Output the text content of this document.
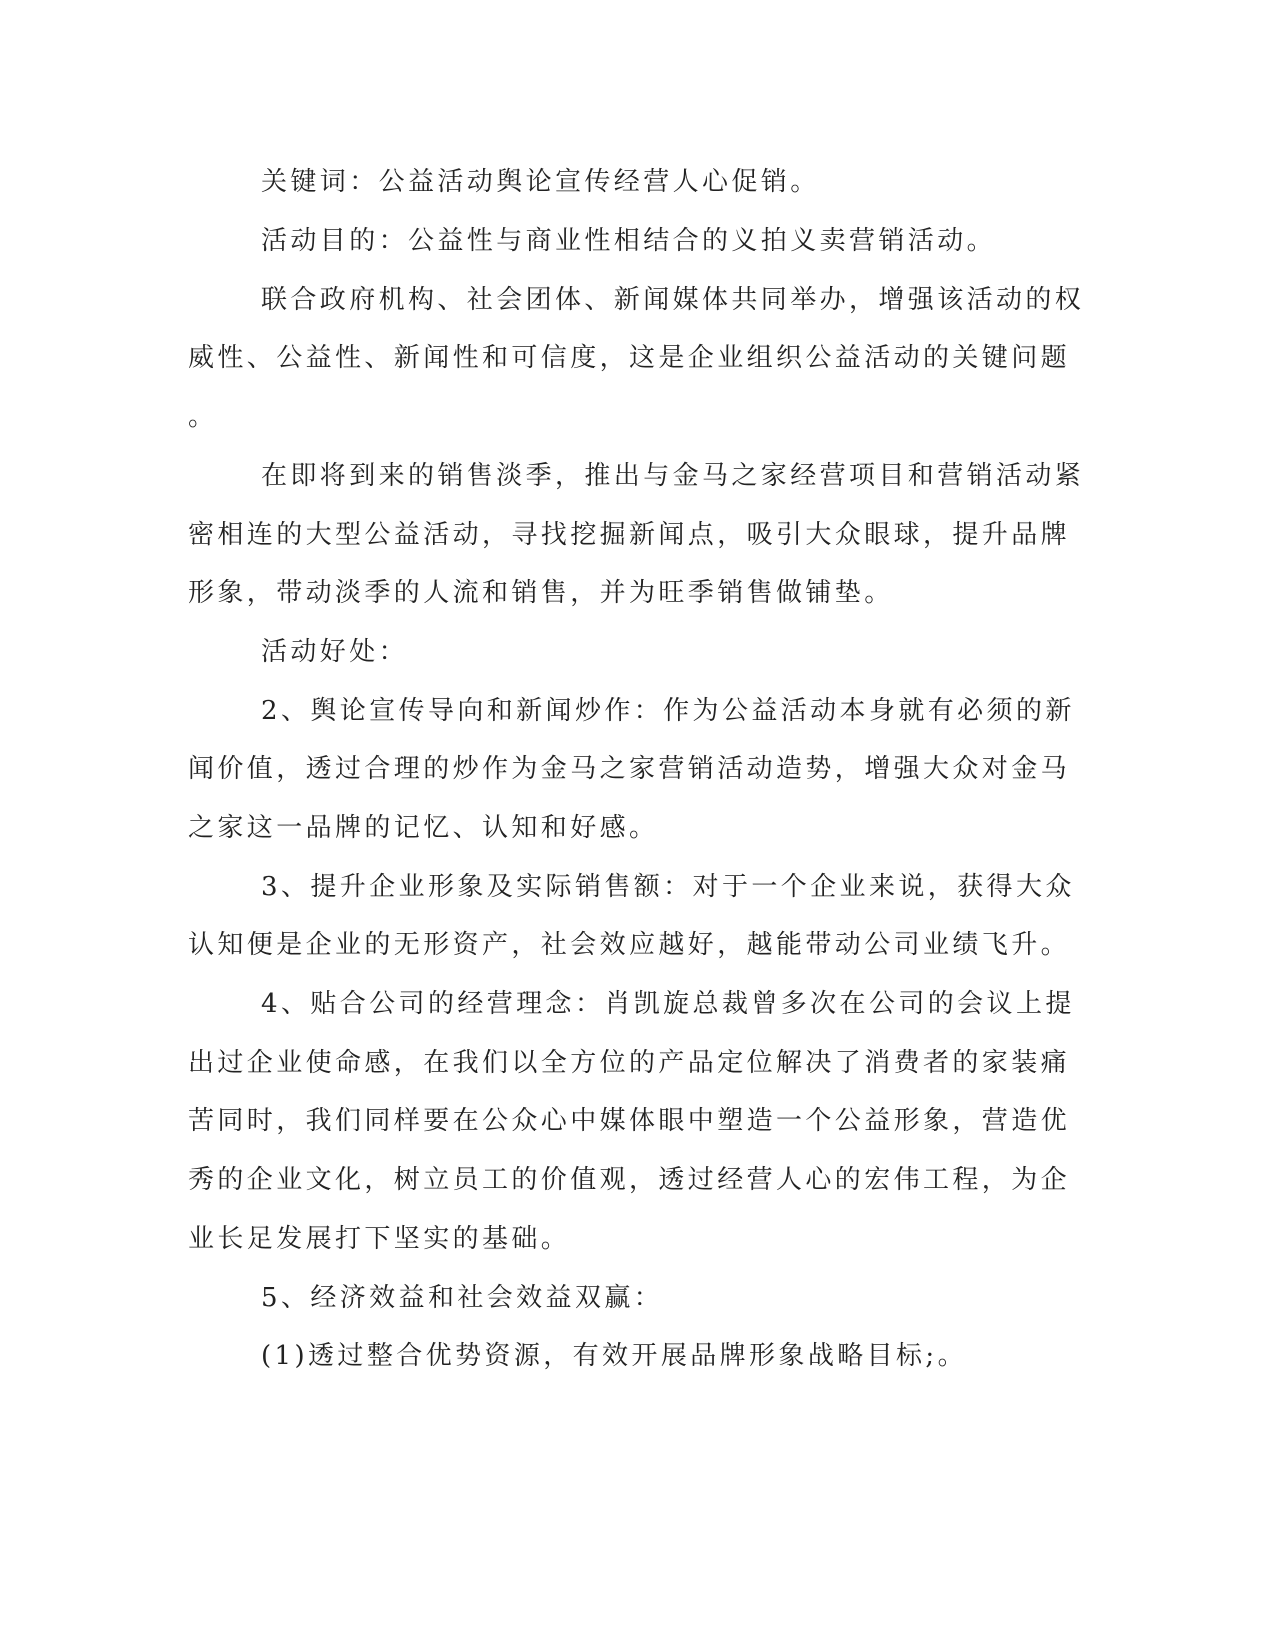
关键词：公益活动舆论宣传经营人心促销。
活动目的：公益性与商业性相结合的义拍义卖营销活动。
联合政府机构、社会团体、新闻媒体共同举办，增强该活动的权
威性、公益性、新闻性和可信度，这是企业组织公益活动的关键问题
。
在即将到来的销售淡季，推出与金马之家经营项目和营销活动紧
密相连的大型公益活动，寻找挖掘新闻点，吸引大众眼球，提升品牌
形象，带动淡季的人流和销售，并为旺季销售做铺垫。
活动好处：
2、舆论宣传导向和新闻炒作：作为公益活动本身就有必须的新
闻价值，透过合理的炒作为金马之家营销活动造势，增强大众对金马
之家这一品牌的记忆、认知和好感。
3、提升企业形象及实际销售额：对于一个企业来说，获得大众
认知便是企业的无形资产，社会效应越好，越能带动公司业绩飞升。
4、贴合公司的经营理念：肖凯旋总裁曾多次在公司的会议上提
出过企业使命感，在我们以全方位的产品定位解决了消费者的家装痛
苦同时，我们同样要在公众心中媒体眼中塑造一个公益形象，营造优
秀的企业文化，树立员工的价值观，透过经营人心的宏伟工程，为企
业长足发展打下坚实的基础。
5、经济效益和社会效益双赢：
(1)透过整合优势资源，有效开展品牌形象战略目标;。
